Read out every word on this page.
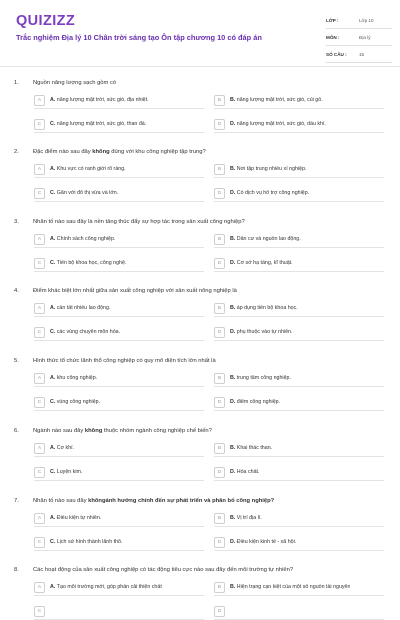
QUIZIZZ
Trắc nghiệm Địa lý 10 Chân trời sáng tạo Ôn tập chương 10 có đáp án
LỚP :	Lớp 10
MÔN :	Địa lý
SỐ CÂU :	15
1. Nguồn năng lượng sạch gồm có
A	A. năng lượng mặt trời, sức gió, địa nhiệt.	B	B. năng lượng mặt trời, sức gió, củi gỗ.
C	C. năng lượng mặt trời, sức gió, than đá.	D	D. năng lượng mặt trời, sức gió, dầu khí.
2. Đặc điểm nào sau đây không đúng với khu công nghiệp tập trung?
A	A. Khu vực có ranh giới rõ ràng.	B	B. Nơi tập trung nhiều xí nghiệp.
C	C. Gắn với đô thị vừa và lớn.	D	D. Có dịch vụ hỗ trợ công nghiệp.
3. Nhân tố nào sau đây là nền tảng thúc đẩy sự hợp tác trong sản xuất công nghiệp?
A	A. Chính sách công nghiệp.	B	B. Dân cư và nguồn lao động.
C	C. Tiến bộ khoa học, công nghệ.	D	D. Cơ sở hạ tầng, kĩ thuật.
4. Điểm khác biệt lớn nhất giữa sản xuất công nghiệp với sản xuất nông nghiệp là
A	A. cần tất nhiều lao động.	B	B. áp dụng tiến bộ khoa học.
C	C. các vùng chuyên môn hóa.	D	D. phụ thuộc vào tự nhiên.
5. Hình thức tổ chức lãnh thổ công nghiệp có quy mô diện tích lớn nhất là
A	A. khu công nghiệp.	B	B. trung tâm công nghiệp.
C	C. vùng công nghiệp.	D	D. điểm công nghiệp.
6. Ngành nào sau đây không thuộc nhóm ngành công nghiệp chế biến?
A	A. Cơ khí.	B	B. Khai thác than.
C	C. Luyện kim.	D	D. Hóa chất.
7. Nhân tố nào sau đây khôngảnh hưởng chính đến sự phát triển và phân bố công nghiệp?
A	A. Điều kiện tự nhiên.	B	B. Vị trí địa lí.
C	C. Lịch sử hình thành lãnh thổ.	D	D. Điều kiện kinh tế - xã hội.
8. Các hoạt động của sản xuất công nghiệp có tác động tiêu cực nào sau đây đến môi trường tự nhiên?
A	A. Tạo môi trường mới, góp phần cải thiện chất	B	B. Hiện trạng cạn kiệt của một số nguồn tài nguyên
C	D
